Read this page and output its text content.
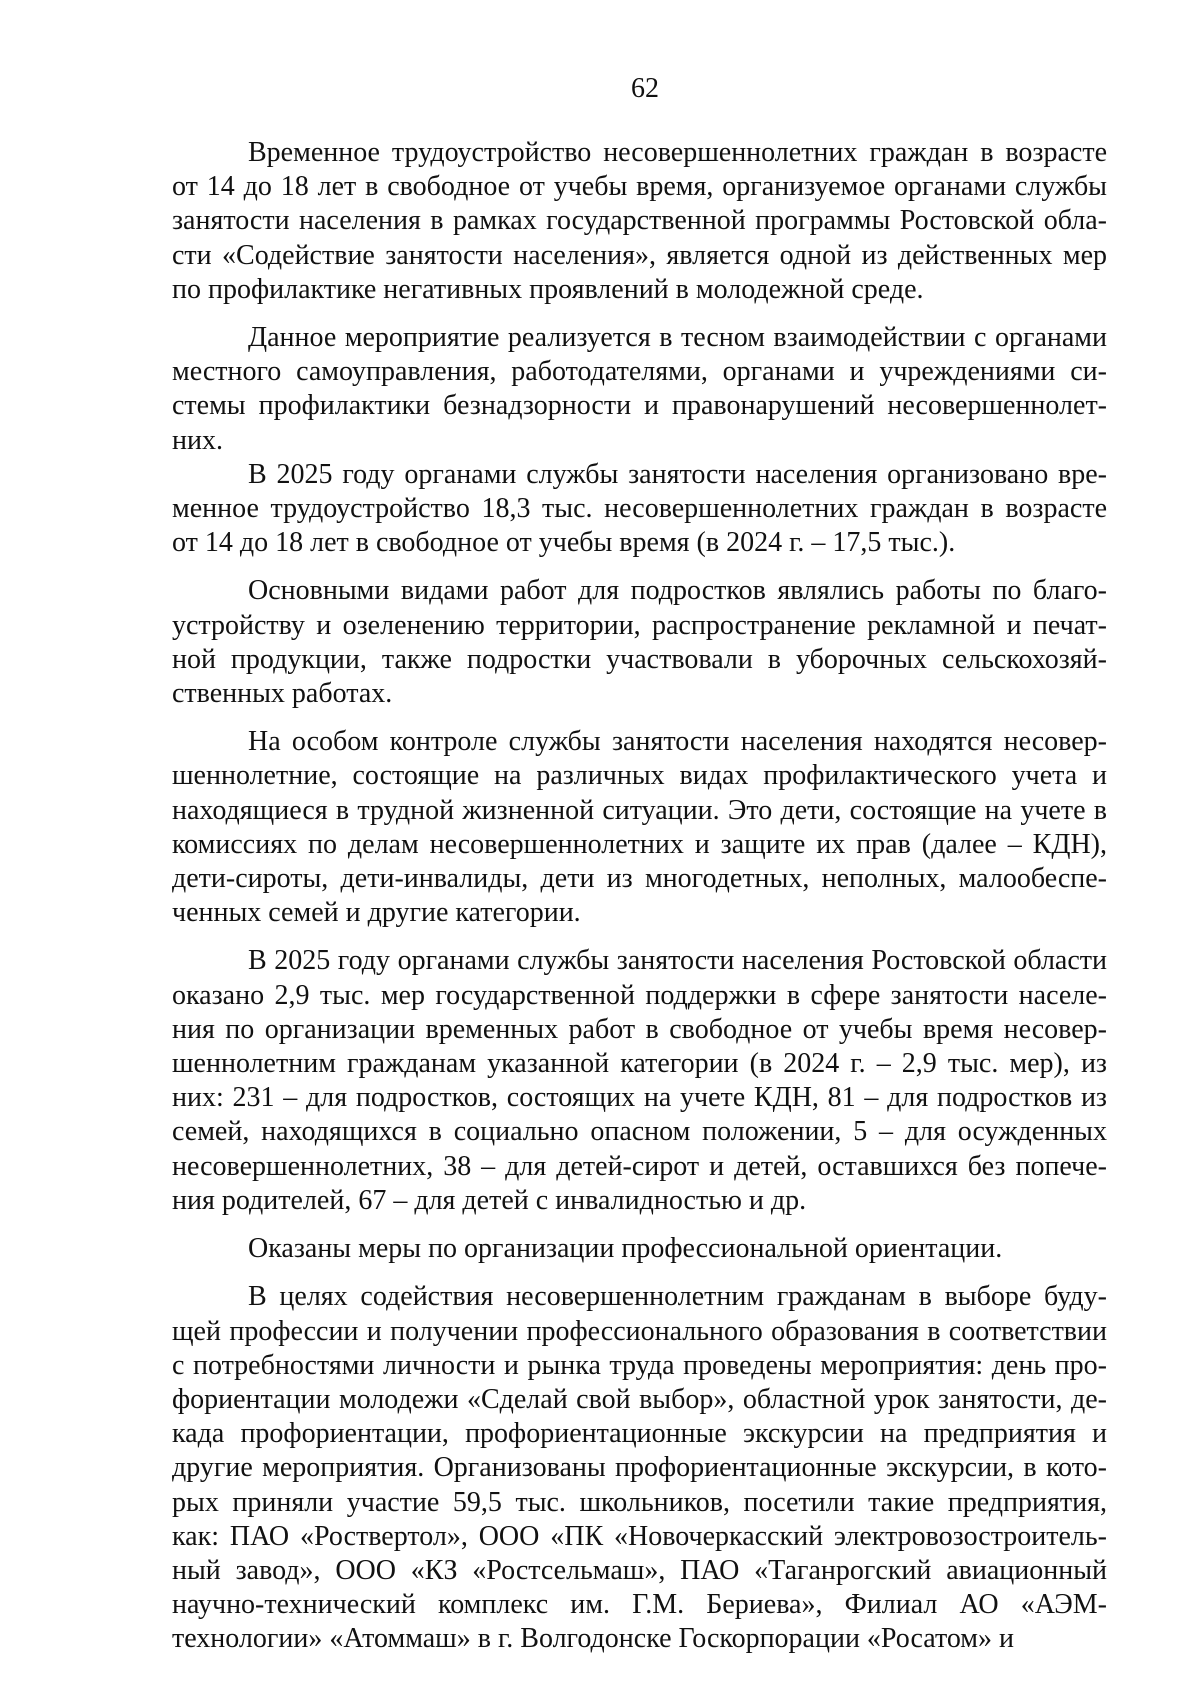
62

Временное трудоустройство несовершеннолетних граждан в возрасте
от 14 до 18 лет в свободное от учебы время, организуемое органами службы
занятости населения в рамках государственной программы Ростовской обла-
сти «Содействие занятости населения», является одной из действенных мер
по профилактике негативных проявлений в молодежной среде.

Данное мероприятие реализуется в тесном взаимодействии с органами
местного самоуправления, работодателями, органами и учреждениями си-
стемы профилактики безнадзорности и правонарушений несовершеннолет-
них.

В 2025 году органами службы занятости населения организовано вре-
менное трудоустройство 18,3 тыс. несовершеннолетних граждан в возрасте
от 14 до 18 лет в свободное от учебы время (в 2024 г. – 17,5 тыс.).

Основными видами работ для подростков являлись работы по благо-
устройству и озеленению территории, распространение рекламной и печат-
ной продукции, также подростки участвовали в уборочных сельскохозяй-
ственных работах.

На особом контроле службы занятости населения находятся несовер-
шеннолетние, состоящие на различных видах профилактического учета и
находящиеся в трудной жизненной ситуации. Это дети, состоящие на учете в
комиссиях по делам несовершеннолетних и защите их прав (далее – КДН),
дети-сироты, дети-инвалиды, дети из многодетных, неполных, малообеспе-
ченных семей и другие категории.

В 2025 году органами службы занятости населения Ростовской области
оказано 2,9 тыс. мер государственной поддержки в сфере занятости населе-
ния по организации временных работ в свободное от учебы время несовер-
шеннолетним гражданам указанной категории (в 2024 г. – 2,9 тыс. мер), из
них: 231 – для подростков, состоящих на учете КДН, 81 – для подростков из
семей, находящихся в социально опасном положении, 5 – для осужденных
несовершеннолетних, 38 – для детей-сирот и детей, оставшихся без попече-
ния родителей, 67 – для детей с инвалидностью и др.

Оказаны меры по организации профессиональной ориентации.

В целях содействия несовершеннолетним гражданам в выборе буду-
щей профессии и получении профессионального образования в соответствии
с потребностями личности и рынка труда проведены мероприятия: день про-
фориентации молодежи «Сделай свой выбор», областной урок занятости, де-
када профориентации, профориентационные экскурсии на предприятия и
другие мероприятия. Организованы профориентационные экскурсии, в кото-
рых приняли участие 59,5 тыс. школьников, посетили такие предприятия,
как: ПАО «Роствертол», ООО «ПК «Новочеркасский электровозостроитель-
ный завод», ООО «КЗ «Ростсельмаш», ПАО «Таганрогский авиационный
научно-технический комплекс им. Г.М. Бериева», Филиал АО «АЭМ-
технологии» «Атоммаш» в г. Волгодонске Госкорпорации «Росатом» и
